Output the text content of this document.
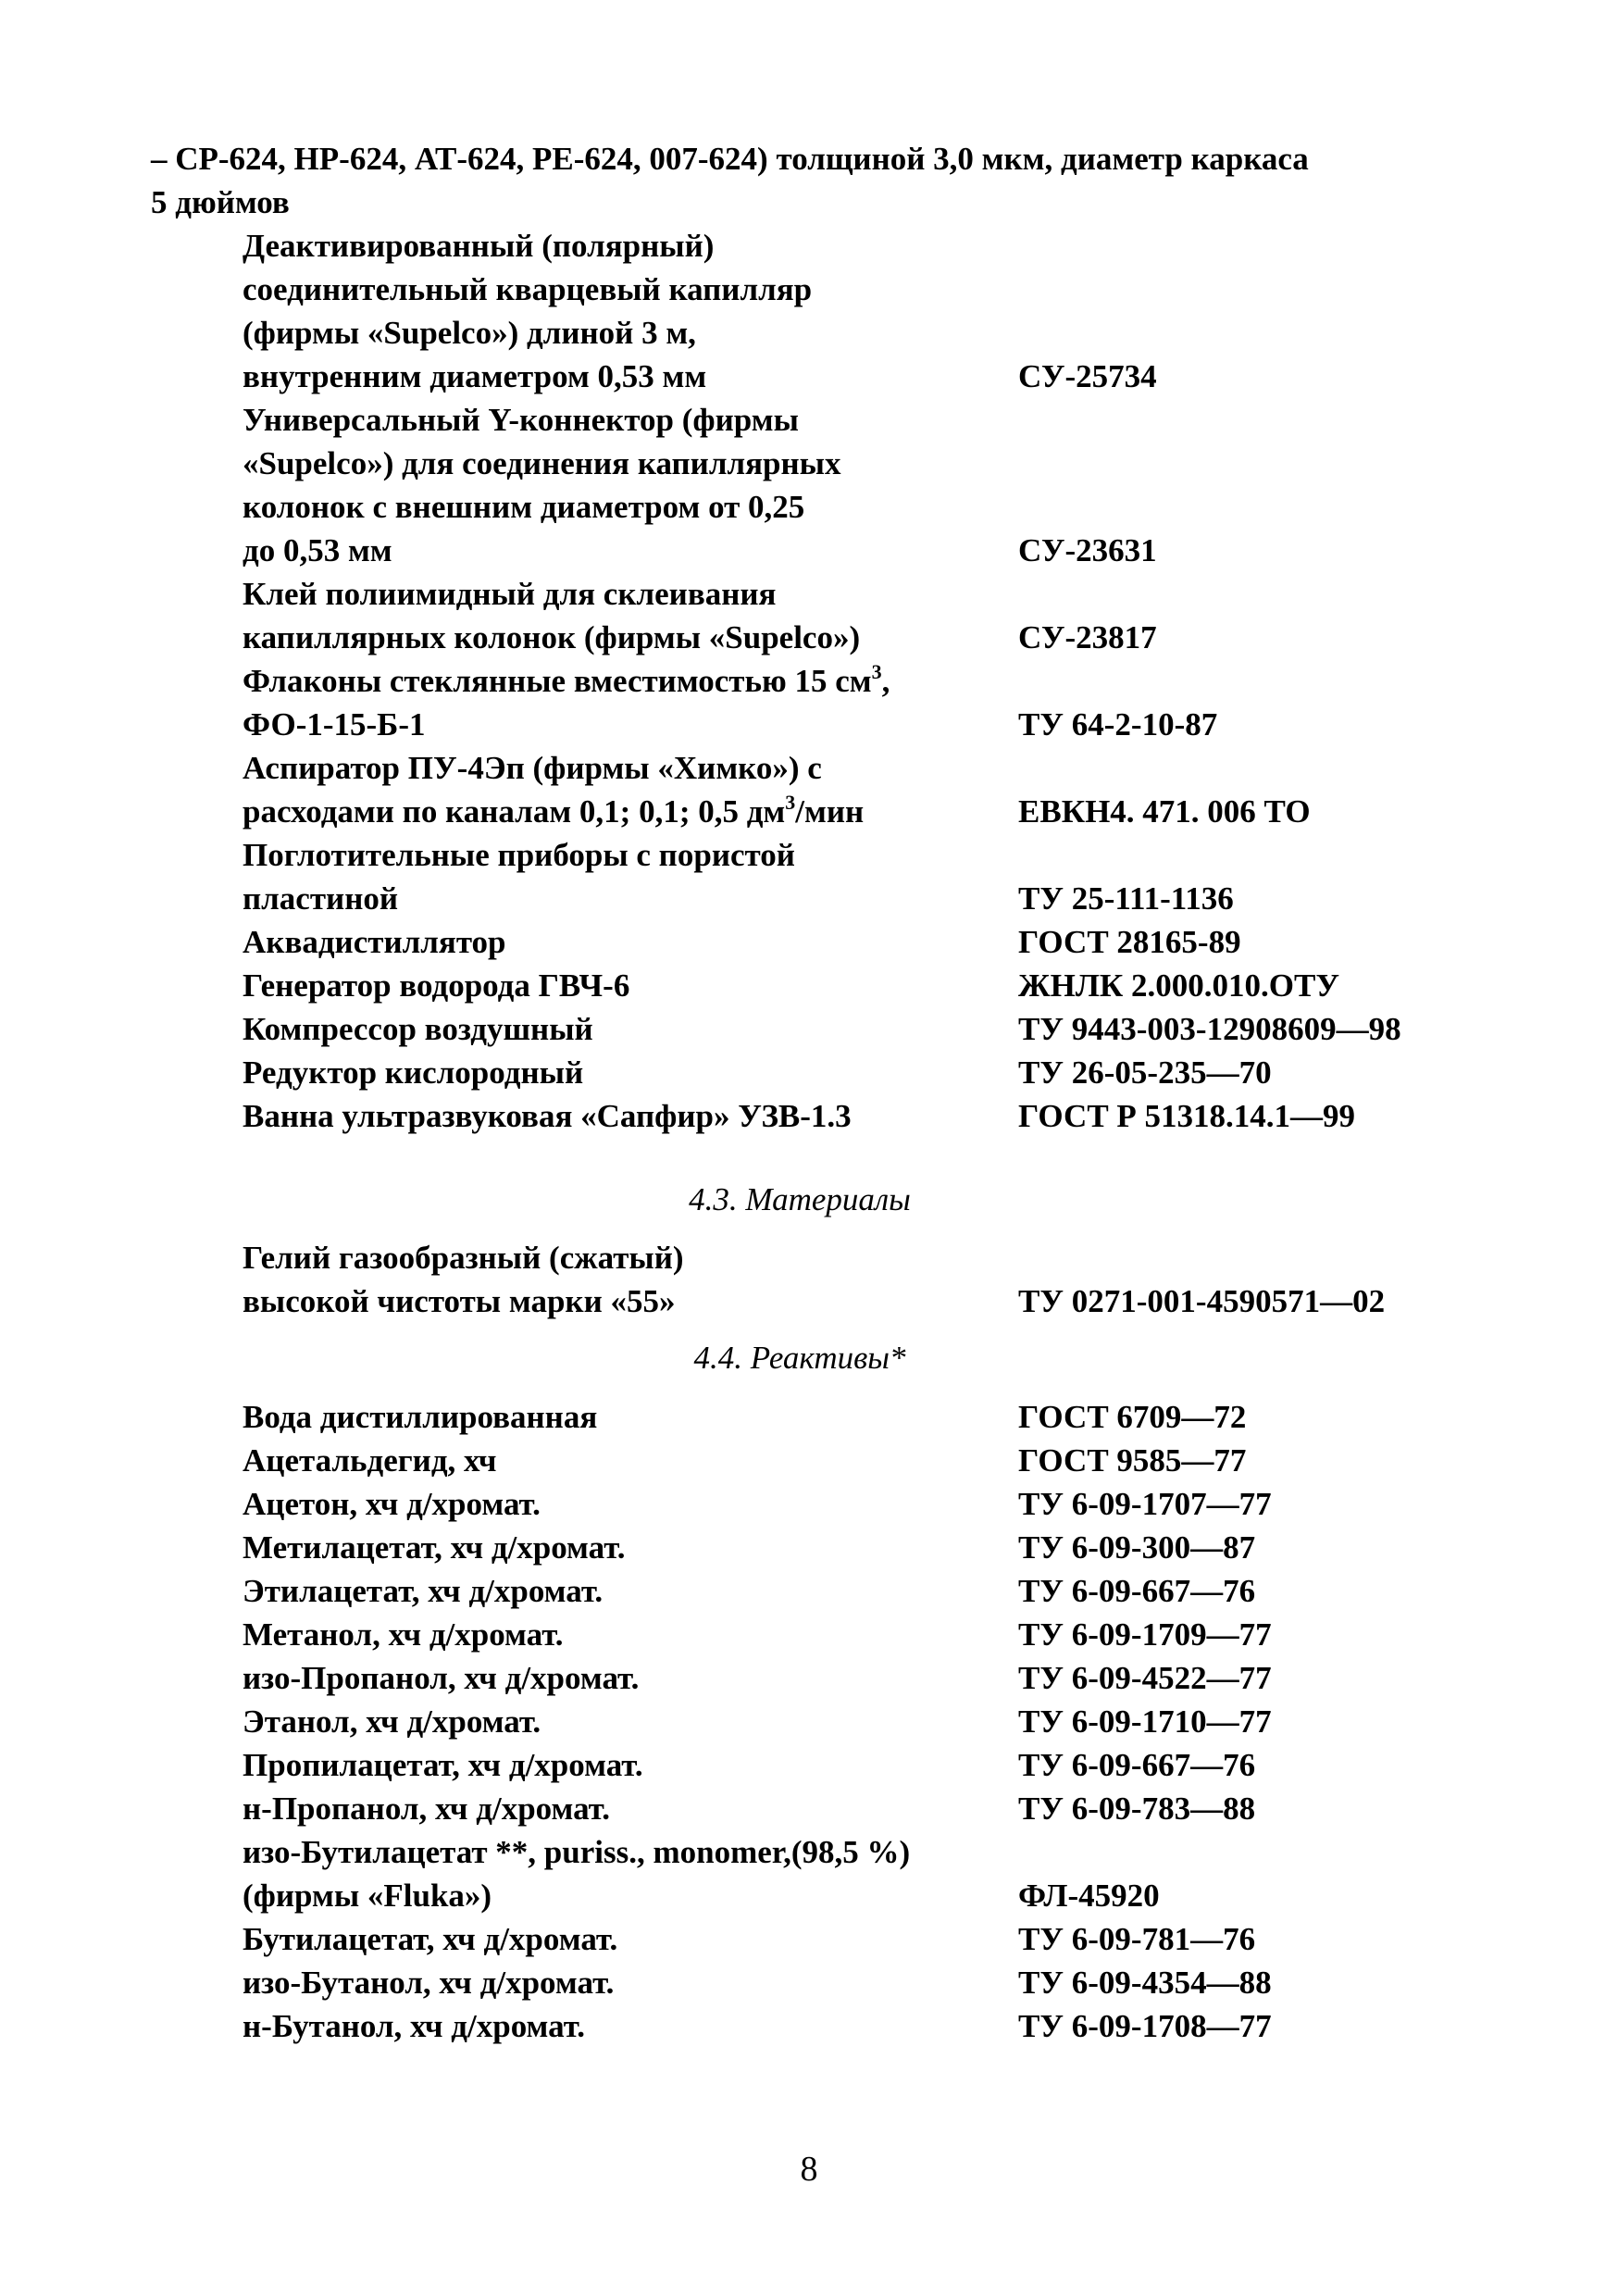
– СР-624, НР-624, АТ-624, РЕ-624, 007-624) толщиной 3,0 мкм, диаметр каркаса
5 дюймов
Деактивированный (полярный)
соединительный кварцевый капилляр
(фирмы «Supelco») длиной 3 м,
внутренним диаметром 0,53 мм	СУ-25734
Универсальный Y-коннектор (фирмы
«Supelco») для соединения капиллярных
колонок с внешним диаметром от 0,25
до 0,53 мм	СУ-23631
Клей полиимидный для склеивания
капиллярных колонок (фирмы «Supelco»)	СУ-23817
Флаконы стеклянные вместимостью 15 $см^3$,
ФО-1-15-Б-1	ТУ 64-2-10-87
Аспиратор ПУ-4Эп (фирмы «Химко») с
расходами по каналам 0,1; 0,1; 0,5 $дм^3$/мин	ЕВКН4. 471. 006 ТО
Поглотительные приборы с пористой
пластиной	ТУ 25-111-1136
Аквадистиллятор	ГОСТ 28165-89
Генератор водорода ГВЧ-6	ЖНЛК 2.000.010.ОТУ
Компрессор воздушный	ТУ 9443-003-12908609—98
Редуктор кислородный	ТУ 26-05-235—70
Ванна ультразвуковая «Сапфир» УЗВ-1.3	ГОСТ Р 51318.14.1—99
4.3. Материалы
Гелий газообразный (сжатый)
высокой чистоты марки «55»	ТУ 0271-001-4590571—02
4.4. Реактивы*
Вода дистиллированная	ГОСТ 6709—72
Ацетальдегид, хч	ГОСТ 9585—77
Ацетон, хч д/хромат.	ТУ 6-09-1707—77
Метилацетат, хч д/хромат.	ТУ 6-09-300—87
Этилацетат, хч д/хромат.	ТУ 6-09-667—76
Метанол, хч д/хромат.	ТУ 6-09-1709—77
изо-Пропанол, хч д/хромат.	ТУ 6-09-4522—77
Этанол, хч д/хромат.	ТУ 6-09-1710—77
Пропилацетат, хч д/хромат.	ТУ 6-09-667—76
н-Пропанол, хч д/хромат.	ТУ 6-09-783—88
изо-Бутилацетат **, puriss., monomer,(98,5 %)
(фирмы «Fluka»)	ФЛ-45920
Бутилацетат, хч д/хромат.	ТУ 6-09-781—76
изо-Бутанол, хч д/хромат.	ТУ 6-09-4354—88
н-Бутанол, хч д/хромат.	ТУ 6-09-1708—77
8
